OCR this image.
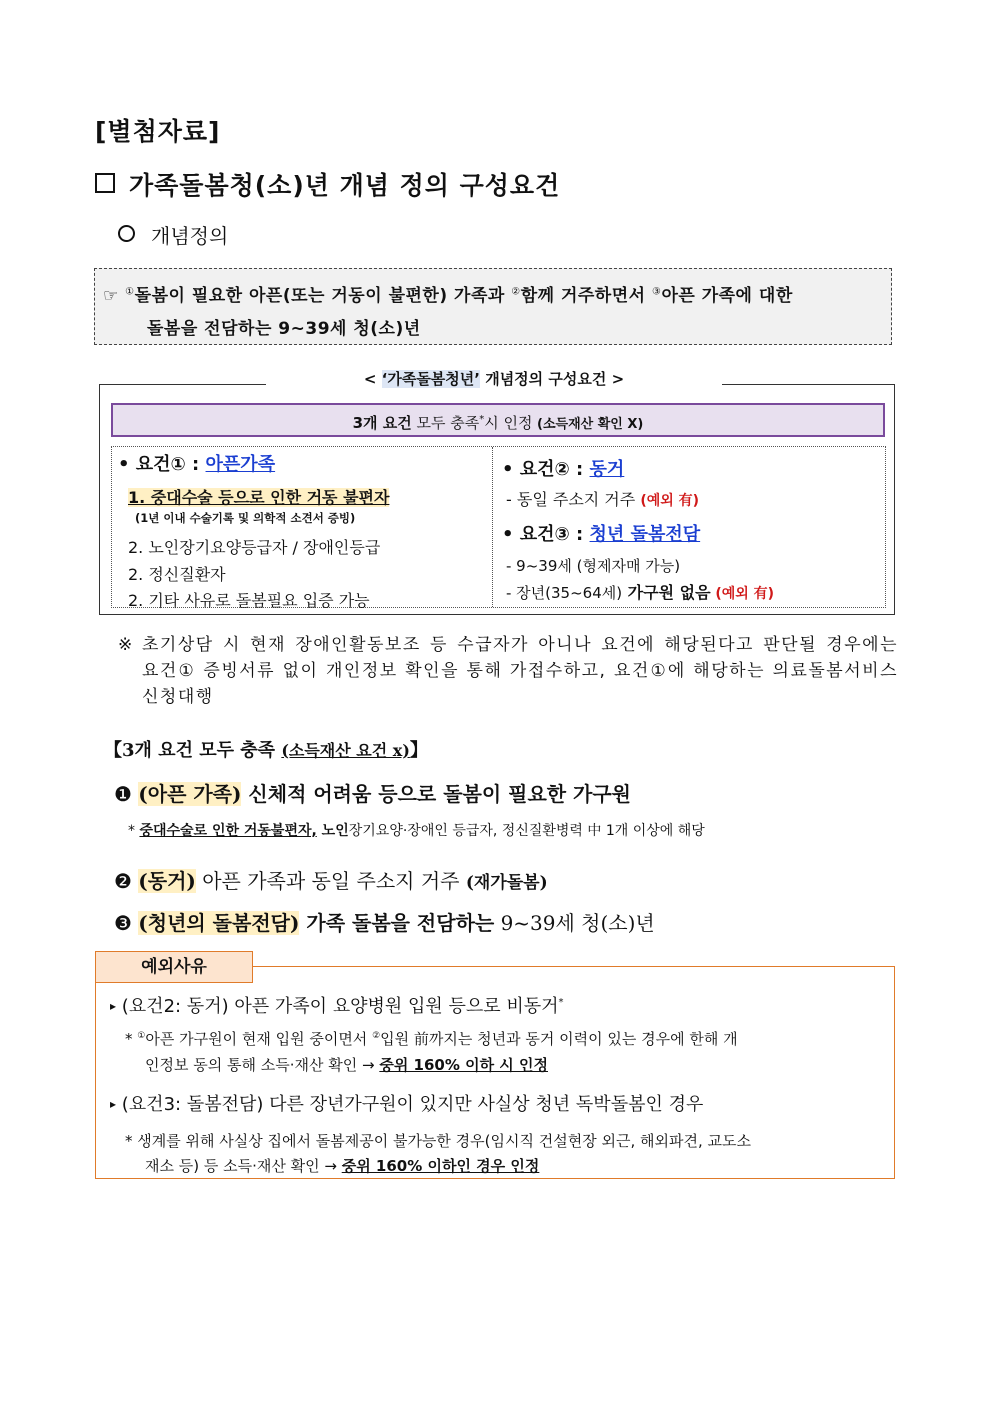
[별첨자료]
가족돌봄청(소)년 개념 정의 구성요건
개념정의
☞ ①돌봄이 필요한 아픈(또는 거동이 불편한) 가족과 ②함께 거주하면서 ③아픈 가족에 대한
돌봄을 전담하는 9~39세 청(소)년
< ‘가족돌봄청년’ 개념정의 구성요건 >
3개 요건 모두 충족*시 인정 (소득재산 확인 X)
• 요건① : 아픈가족
1. 중대수술 등으로 인한 거동 불편자
(1년 이내 수술기록 및 의학적 소견서 증빙)
2. 노인장기요양등급자 / 장애인등급
2. 정신질환자
2. 기타 사유로 돌봄필요 입증 가능
• 요건② : 동거
- 동일 주소지 거주 (예외 有)
• 요건③ : 청년 돌봄전담
- 9~39세 (형제자매 가능)
- 장년(35~64세) 가구원 없음 (예외 有)
※ 초기상담 시 현재 장애인활동보조 등 수급자가 아니나 요건에 해당된다고 판단될 경우에는 요건① 증빙서류 없이 개인정보 확인을 통해 가접수하고, 요건①에 해당하는 의료돌봄서비스 신청대행
【3개 요건 모두 충족 (소득재산 요건 x)】
❶ (아픈 가족) 신체적 어려움 등으로 돌봄이 필요한 가구원
* 중대수술로 인한 거동불편자, 노인장기요양·장애인 등급자, 정신질환병력 中 1개 이상에 해당
❷ (동거) 아픈 가족과 동일 주소지 거주 (재가돌봄)
❸ (청년의 돌봄전담) 가족 돌봄을 전담하는 9~39세 청(소)년
예외사유
▸ (요건2: 동거) 아픈 가족이 요양병원 입원 등으로 비동거*
* ①아픈 가구원이 현재 입원 중이면서 ②입원 前까지는 청년과 동거 이력이 있는 경우에 한해 개
인정보 동의 통해 소득·재산 확인 → 중위 160% 이하 시 인정
▸ (요건3: 돌봄전담) 다른 장년가구원이 있지만 사실상 청년 독박돌봄인 경우
* 생계를 위해 사실상 집에서 돌봄제공이 불가능한 경우(임시직 건설현장 외근, 해외파견, 교도소
재소 등) 등 소득·재산 확인 → 중위 160% 이하인 경우 인정
